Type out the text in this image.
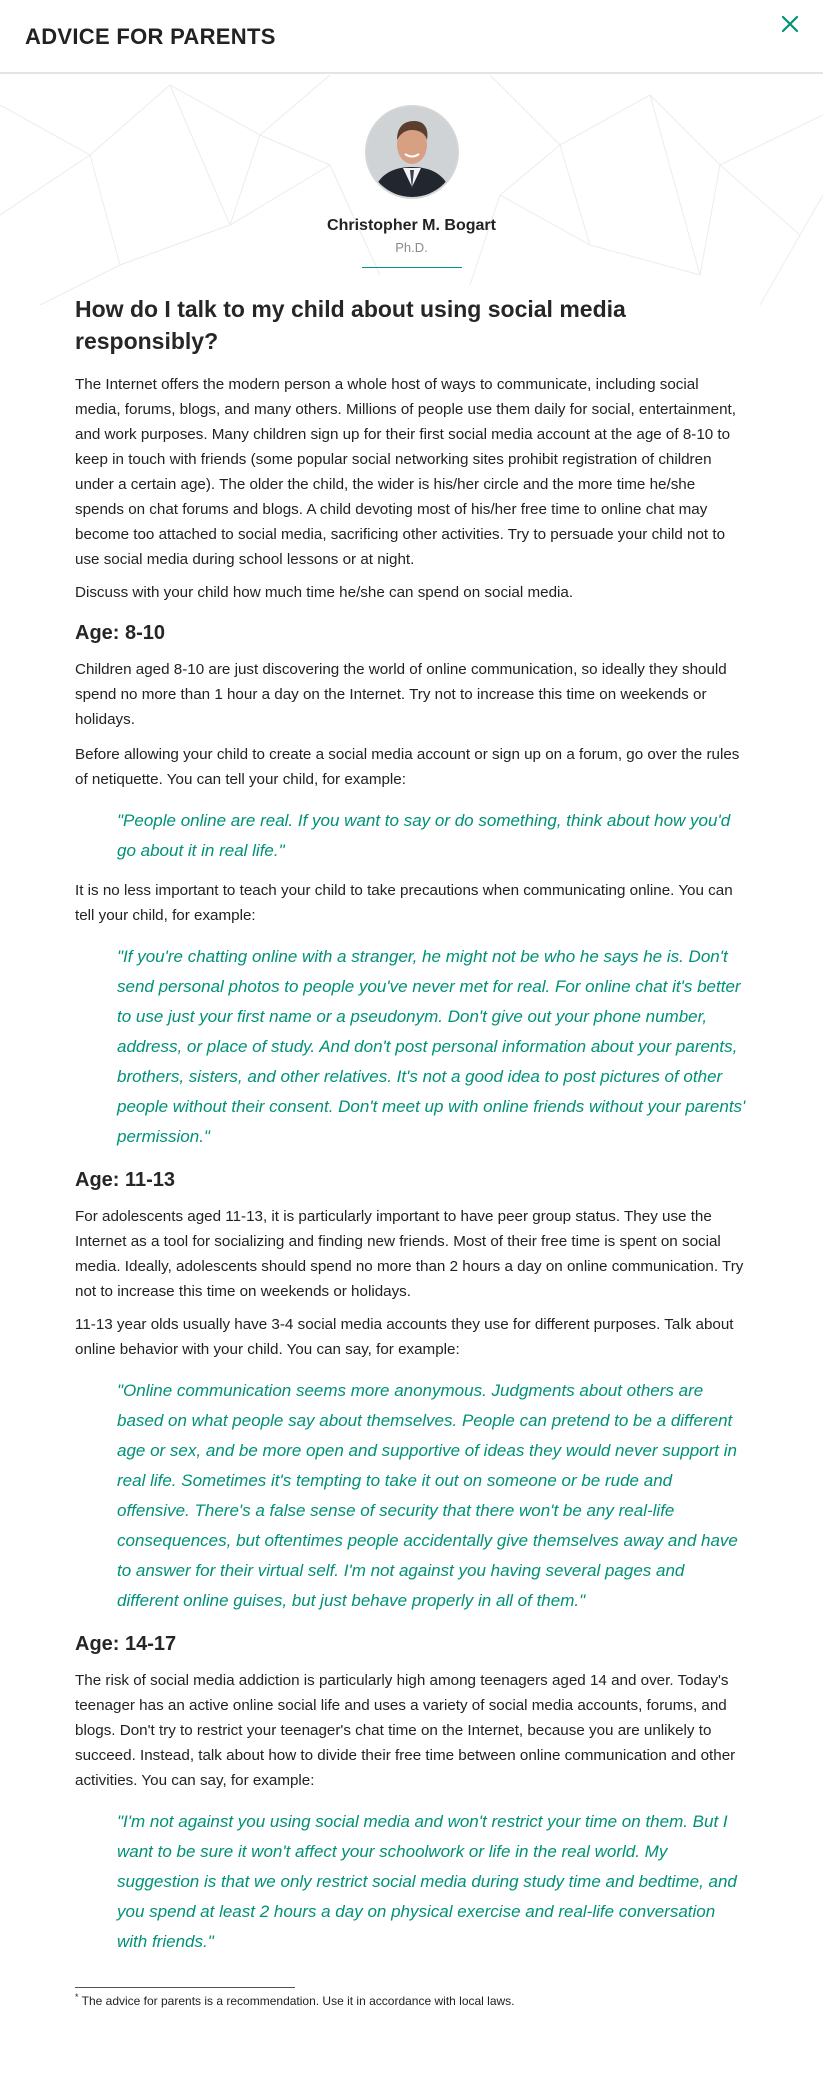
ADVICE FOR PARENTS
Christopher M. Bogart
Ph.D.
How do I talk to my child about using social media responsibly?

The Internet offers the modern person a whole host of ways to communicate, including social media, forums, blogs, and many others. Millions of people use them daily for social, entertainment, and work purposes. Many children sign up for their first social media account at the age of 8-10 to keep in touch with friends (some popular social networking sites prohibit registration of children under a certain age). The older the child, the wider is his/her circle and the more time he/she spends on chat forums and blogs. A child devoting most of his/her free time to online chat may become too attached to social media, sacrificing other activities. Try to persuade your child not to use social media during school lessons or at night.

Discuss with your child how much time he/she can spend on social media.

Age: 8-10

Children aged 8-10 are just discovering the world of online communication, so ideally they should spend no more than 1 hour a day on the Internet. Try not to increase this time on weekends or holidays.

Before allowing your child to create a social media account or sign up on a forum, go over the rules of netiquette. You can tell your child, for example:

"People online are real. If you want to say or do something, think about how you'd go about it in real life."

It is no less important to teach your child to take precautions when communicating online. You can tell your child, for example:

"If you're chatting online with a stranger, he might not be who he says he is. Don't send personal photos to people you've never met for real. For online chat it's better to use just your first name or a pseudonym. Don't give out your phone number, address, or place of study. And don't post personal information about your parents, brothers, sisters, and other relatives. It's not a good idea to post pictures of other people without their consent. Don't meet up with online friends without your parents' permission."
Age: 11-13

For adolescents aged 11-13, it is particularly important to have peer group status. They use the Internet as a tool for socializing and finding new friends. Most of their free time is spent on social media. Ideally, adolescents should spend no more than 2 hours a day on online communication. Try not to increase this time on weekends or holidays.

11-13 year olds usually have 3-4 social media accounts they use for different purposes. Talk about online behavior with your child. You can say, for example:

"Online communication seems more anonymous. Judgments about others are based on what people say about themselves. People can pretend to be a different age or sex, and be more open and supportive of ideas they would never support in real life. Sometimes it's tempting to take it out on someone or be rude and offensive. There's a false sense of security that there won't be any real-life consequences, but oftentimes people accidentally give themselves away and have to answer for their virtual self. I'm not against you having several pages and different online guises, but just behave properly in all of them."
Age: 14-17

The risk of social media addiction is particularly high among teenagers aged 14 and over. Today's teenager has an active online social life and uses a variety of social media accounts, forums, and blogs. Don't try to restrict your teenager's chat time on the Internet, because you are unlikely to succeed. Instead, talk about how to divide their free time between online communication and other activities. You can say, for example:

"I'm not against you using social media and won't restrict your time on them. But I want to be sure it won't affect your schoolwork or life in the real world. My suggestion is that we only restrict social media during study time and bedtime, and you spend at least 2 hours a day on physical exercise and real-life conversation with friends."
* The advice for parents is a recommendation. Use it in accordance with local laws.
